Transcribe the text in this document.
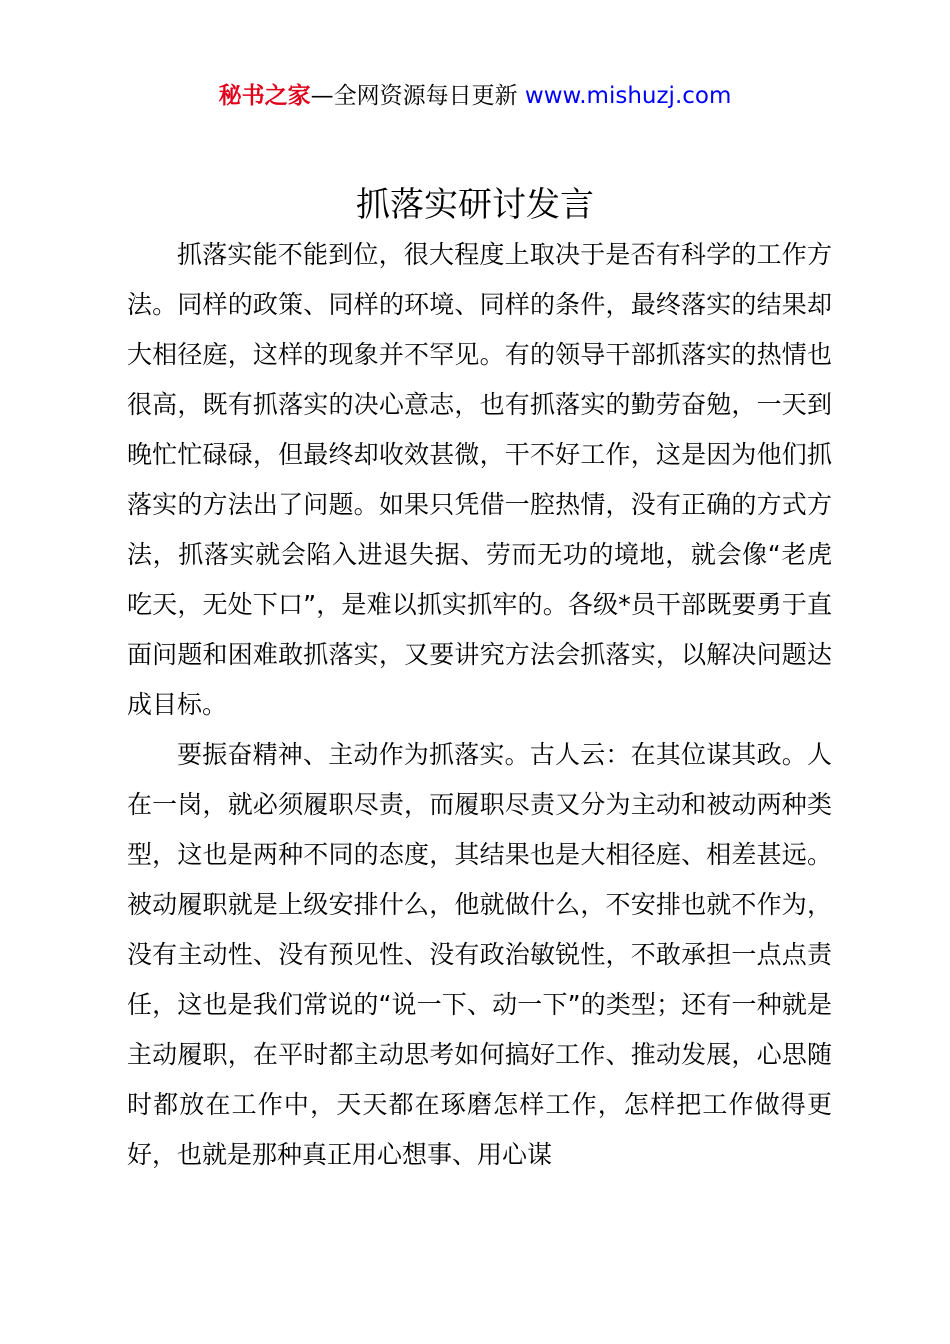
秘书之家—全网资源每日更新 www.mishuzj.com
抓落实研讨发言

抓落实能不能到位，很大程度上取决于是否有科学的工作方法。同样的政策、同样的环境、同样的条件，最终落实的结果却大相径庭，这样的现象并不罕见。有的领导干部抓落实的热情也很高，既有抓落实的决心意志，也有抓落实的勤劳奋勉，一天到晚忙忙碌碌，但最终却收效甚微，干不好工作，这是因为他们抓落实的方法出了问题。如果只凭借一腔热情，没有正确的方式方法，抓落实就会陷入进退失据、劳而无功的境地，就会像“老虎吃天，无处下口”，是难以抓实抓牢的。各级*员干部既要勇于直面问题和困难敢抓落实，又要讲究方法会抓落实，以解决问题达成目标。

要振奋精神、主动作为抓落实。古人云：在其位谋其政。人在一岗，就必须履职尽责，而履职尽责又分为主动和被动两种类型，这也是两种不同的态度，其结果也是大相径庭、相差甚远。被动履职就是上级安排什么，他就做什么，不安排也就不作为，没有主动性、没有预见性、没有政治敏锐性，不敢承担一点点责任，这也是我们常说的“说一下、动一下”的类型；还有一种就是主动履职，在平时都主动思考如何搞好工作、推动发展，心思随时都放在工作中，天天都在琢磨怎样工作，怎样把工作做得更好，也就是那种真正用心想事、用心谋
